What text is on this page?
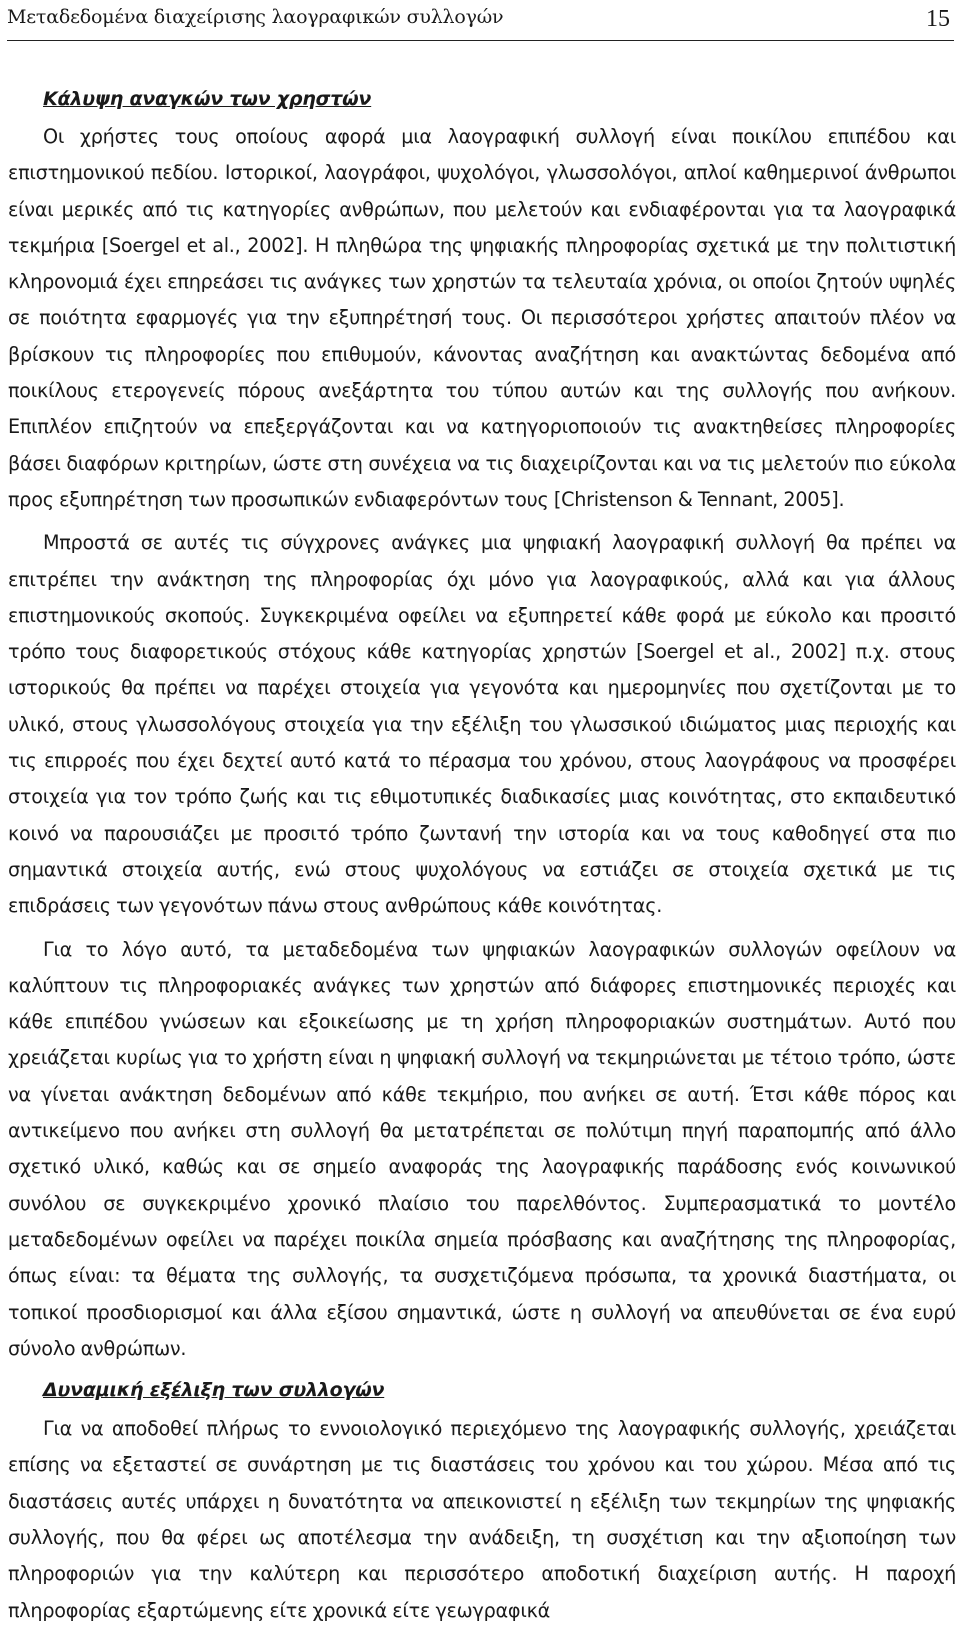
Μεταδεδομένα διαχείρισης λαογραφικών συλλογών	15
Κάλυψη αναγκών των χρηστών

Οι χρήστες τους οποίους αφορά μια λαογραφική συλλογή είναι ποικίλου επιπέδου και επιστημονικού πεδίου. Ιστορικοί, λαογράφοι, ψυχολόγοι, γλωσσολόγοι, απλοί καθημερινοί άνθρωποι είναι μερικές από τις κατηγορίες ανθρώπων, που μελετούν και ενδιαφέρονται για τα λαογραφικά τεκμήρια [Soergel et al., 2002]. Η πληθώρα της ψηφιακής πληροφορίας σχετικά με την πολιτιστική κληρονομιά έχει επηρεάσει τις ανάγκες των χρηστών τα τελευταία χρόνια, οι οποίοι ζητούν υψηλές σε ποιότητα εφαρμογές για την εξυπηρέτησή τους. Οι περισσότεροι χρήστες απαιτούν πλέον να βρίσκουν τις πληροφορίες που επιθυμούν, κάνοντας αναζήτηση και ανακτώντας δεδομένα από ποικίλους ετερογενείς πόρους ανεξάρτητα του τύπου αυτών και της συλλογής που ανήκουν. Επιπλέον επιζητούν να επεξεργάζονται και να κατηγοριοποιούν τις ανακτηθείσες πληροφορίες βάσει διαφόρων κριτηρίων, ώστε στη συνέχεια να τις διαχειρίζονται και να τις μελετούν πιο εύκολα προς εξυπηρέτηση των προσωπικών ενδιαφερόντων τους [Christenson & Tennant, 2005].

Μπροστά σε αυτές τις σύγχρονες ανάγκες μια ψηφιακή λαογραφική συλλογή θα πρέπει να επιτρέπει την ανάκτηση της πληροφορίας όχι μόνο για λαογραφικούς, αλλά και για άλλους επιστημονικούς σκοπούς. Συγκεκριμένα οφείλει να εξυπηρετεί κάθε φορά με εύκολο και προσιτό τρόπο τους διαφορετικούς στόχους κάθε κατηγορίας χρηστών [Soergel et al., 2002] π.χ. στους ιστορικούς θα πρέπει να παρέχει στοιχεία για γεγονότα και ημερομηνίες που σχετίζονται με το υλικό, στους γλωσσολόγους στοιχεία για την εξέλιξη του γλωσσικού ιδιώματος μιας περιοχής και τις επιρροές που έχει δεχτεί αυτό κατά το πέρασμα του χρόνου, στους λαογράφους να προσφέρει στοιχεία για τον τρόπο ζωής και τις εθιμοτυπικές διαδικασίες μιας κοινότητας, στο εκπαιδευτικό κοινό να παρουσιάζει με προσιτό τρόπο ζωντανή την ιστορία και να τους καθοδηγεί στα πιο σημαντικά στοιχεία αυτής, ενώ στους ψυχολόγους να εστιάζει σε στοιχεία σχετικά με τις επιδράσεις των γεγονότων πάνω στους ανθρώπους κάθε κοινότητας.

Για το λόγο αυτό, τα μεταδεδομένα των ψηφιακών λαογραφικών συλλογών οφείλουν να καλύπτουν τις πληροφοριακές ανάγκες των χρηστών από διάφορες επιστημονικές περιοχές και κάθε επιπέδου γνώσεων και εξοικείωσης με τη χρήση πληροφοριακών συστημάτων. Αυτό που χρειάζεται κυρίως για το χρήστη είναι η ψηφιακή συλλογή να τεκμηριώνεται με τέτοιο τρόπο, ώστε να γίνεται ανάκτηση δεδομένων από κάθε τεκμήριο, που ανήκει σε αυτή. Έτσι κάθε πόρος και αντικείμενο που ανήκει στη συλλογή θα μετατρέπεται σε πολύτιμη πηγή παραπομπής από άλλο σχετικό υλικό, καθώς και σε σημείο αναφοράς της λαογραφικής παράδοσης ενός κοινωνικού συνόλου σε συγκεκριμένο χρονικό πλαίσιο του παρελθόντος. Συμπερασματικά το μοντέλο μεταδεδομένων οφείλει να παρέχει ποικίλα σημεία πρόσβασης και αναζήτησης της πληροφορίας, όπως είναι: τα θέματα της συλλογής, τα συσχετιζόμενα πρόσωπα, τα χρονικά διαστήματα, οι τοπικοί προσδιορισμοί και άλλα εξίσου σημαντικά, ώστε η συλλογή να απευθύνεται σε ένα ευρύ σύνολο ανθρώπων.

Δυναμική εξέλιξη των συλλογών

Για να αποδοθεί πλήρως το εννοιολογικό περιεχόμενο της λαογραφικής συλλογής, χρειάζεται επίσης να εξεταστεί σε συνάρτηση με τις διαστάσεις του χρόνου και του χώρου. Μέσα από τις διαστάσεις αυτές υπάρχει η δυνατότητα να απεικονιστεί η εξέλιξη των τεκμηρίων της ψηφιακής συλλογής, που θα φέρει ως αποτέλεσμα την ανάδειξη, τη συσχέτιση και την αξιοποίηση των πληροφοριών για την καλύτερη και περισσότερο αποδοτική διαχείριση αυτής. Η παροχή πληροφορίας εξαρτώμενης είτε χρονικά είτε γεωγραφικά
